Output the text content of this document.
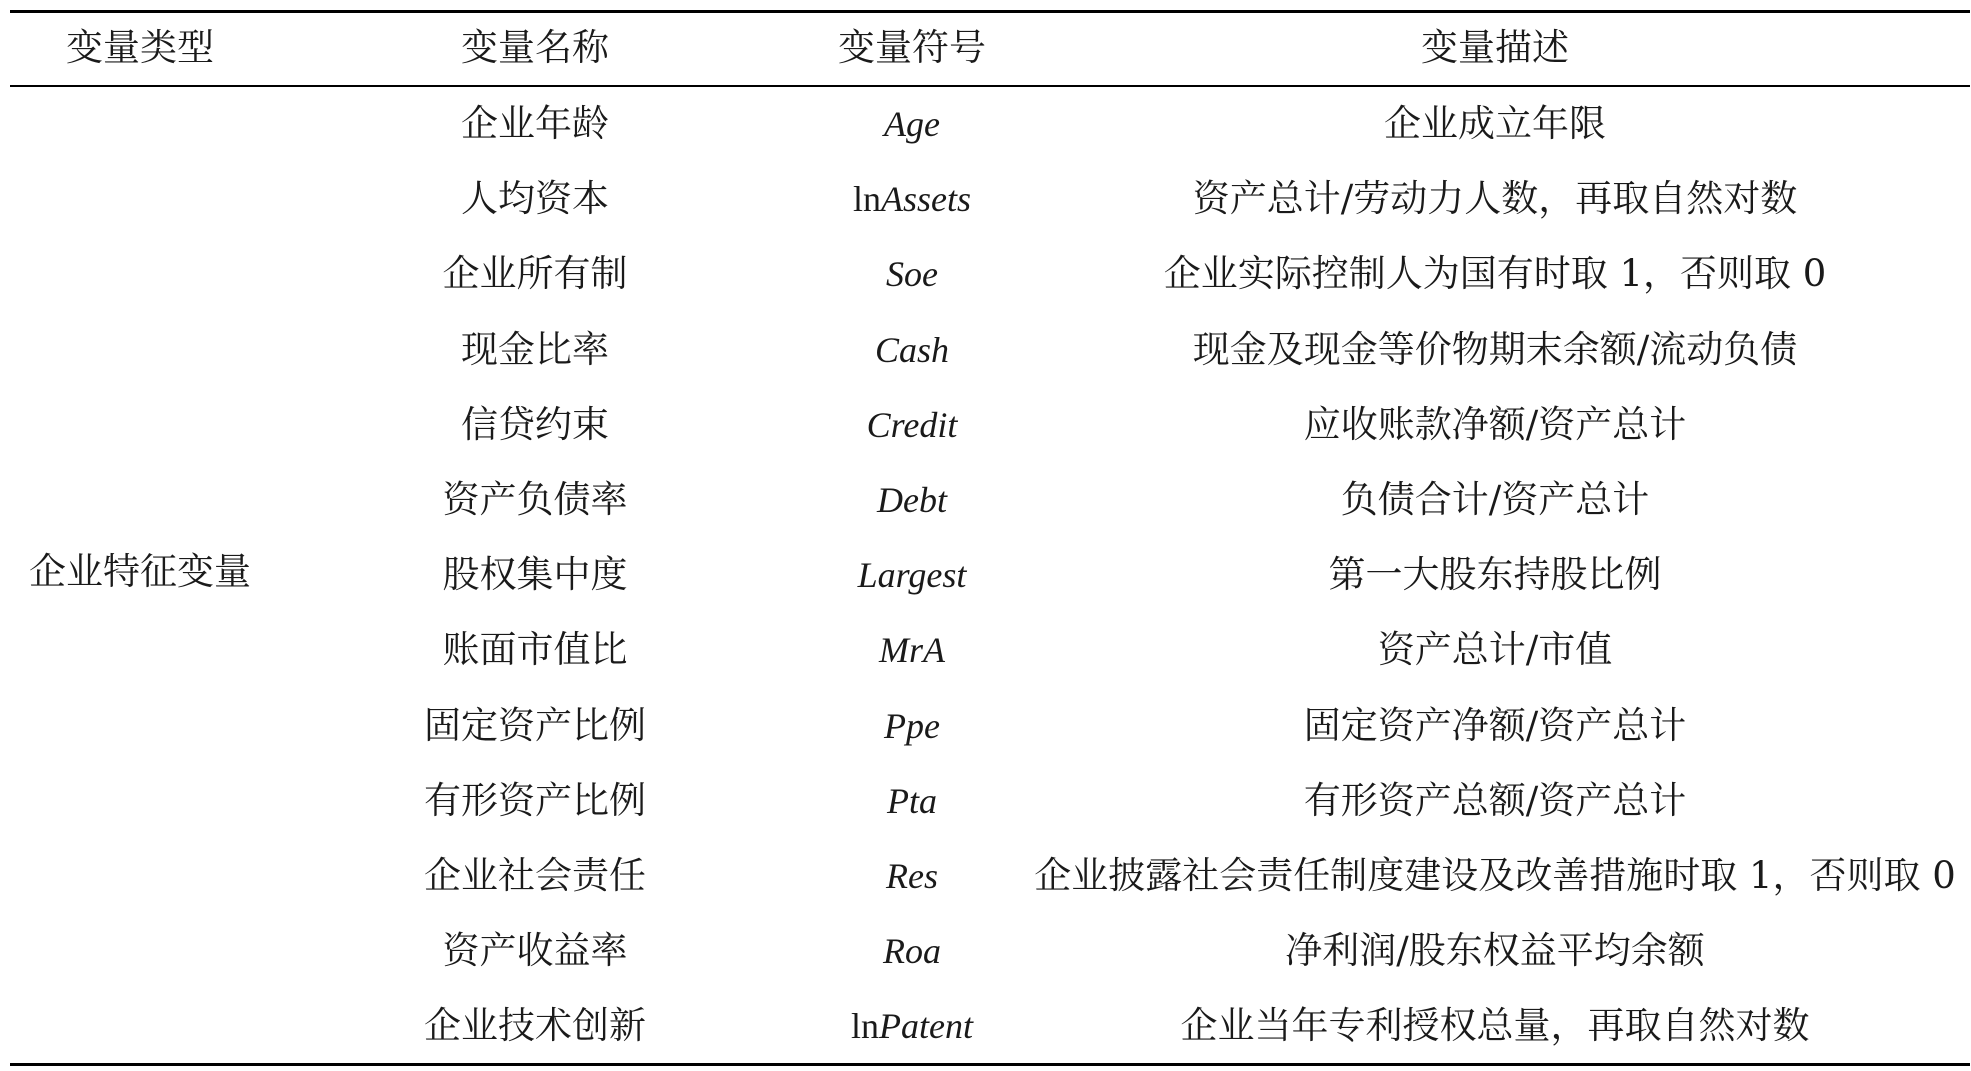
变量类型	变量名称	变量符号	变量描述
企业特征变量
企业年龄	Age	企业成立年限
人均资本	lnAssets	资产总计/劳动力人数，再取自然对数
企业所有制	Soe	企业实际控制人为国有时取 1，否则取 0
现金比率	Cash	现金及现金等价物期末余额/流动负债
信贷约束	Credit	应收账款净额/资产总计
资产负债率	Debt	负债合计/资产总计
股权集中度	Largest	第一大股东持股比例
账面市值比	MrA	资产总计/市值
固定资产比例	Ppe	固定资产净额/资产总计
有形资产比例	Pta	有形资产总额/资产总计
企业社会责任	Res	企业披露社会责任制度建设及改善措施时取 1，否则取 0
资产收益率	Roa	净利润/股东权益平均余额
企业技术创新	lnPatent	企业当年专利授权总量，再取自然对数
